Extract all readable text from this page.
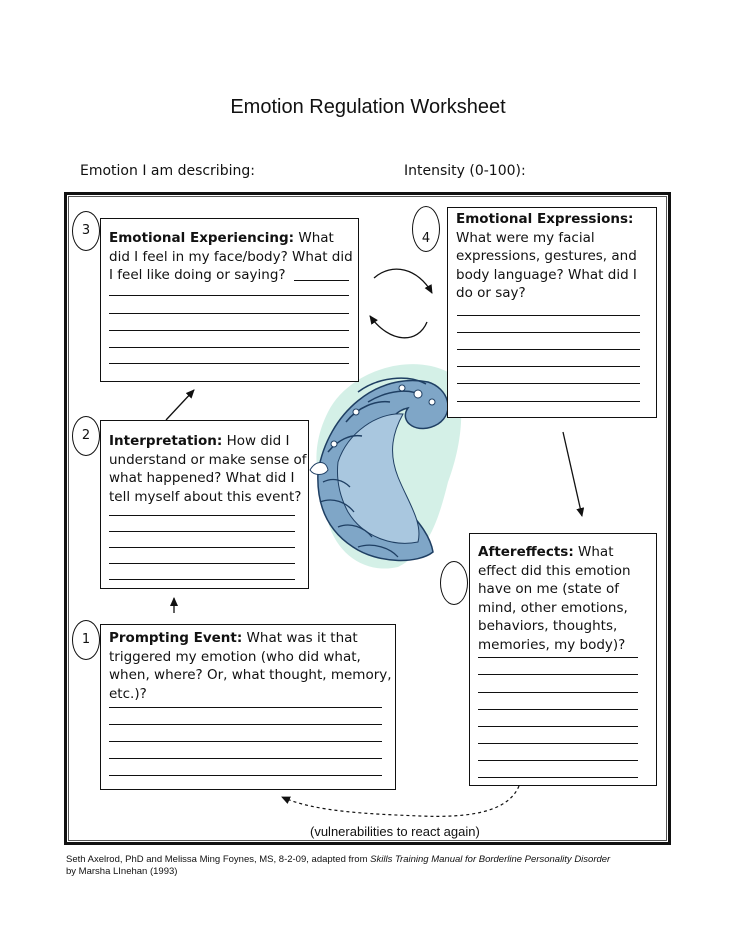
Emotion Regulation Worksheet
Emotion I am describing:	Intensity (0-100):
Emotional Experiencing: What did I feel in my face/body? What did I feel like doing or saying?
3
Emotional Expressions:
What were my facial expressions, gestures, and body language? What did I do or say?
4
Interpretation: How did I understand or make sense of what happened? What did I tell myself about this event?
2
Aftereffects: What effect did this emotion have on me (state of mind, other emotions, behaviors, thoughts, memories, my body)?
Prompting Event: What was it that triggered my emotion (who did what, when, where? Or, what thought, memory, etc.)?
1
(vulnerabilities to react again)
Seth Axelrod, PhD and Melissa Ming Foynes, MS, 8-2-09, adapted from Skills Training Manual for Borderline Personality Disorder
by Marsha LInehan (1993)
